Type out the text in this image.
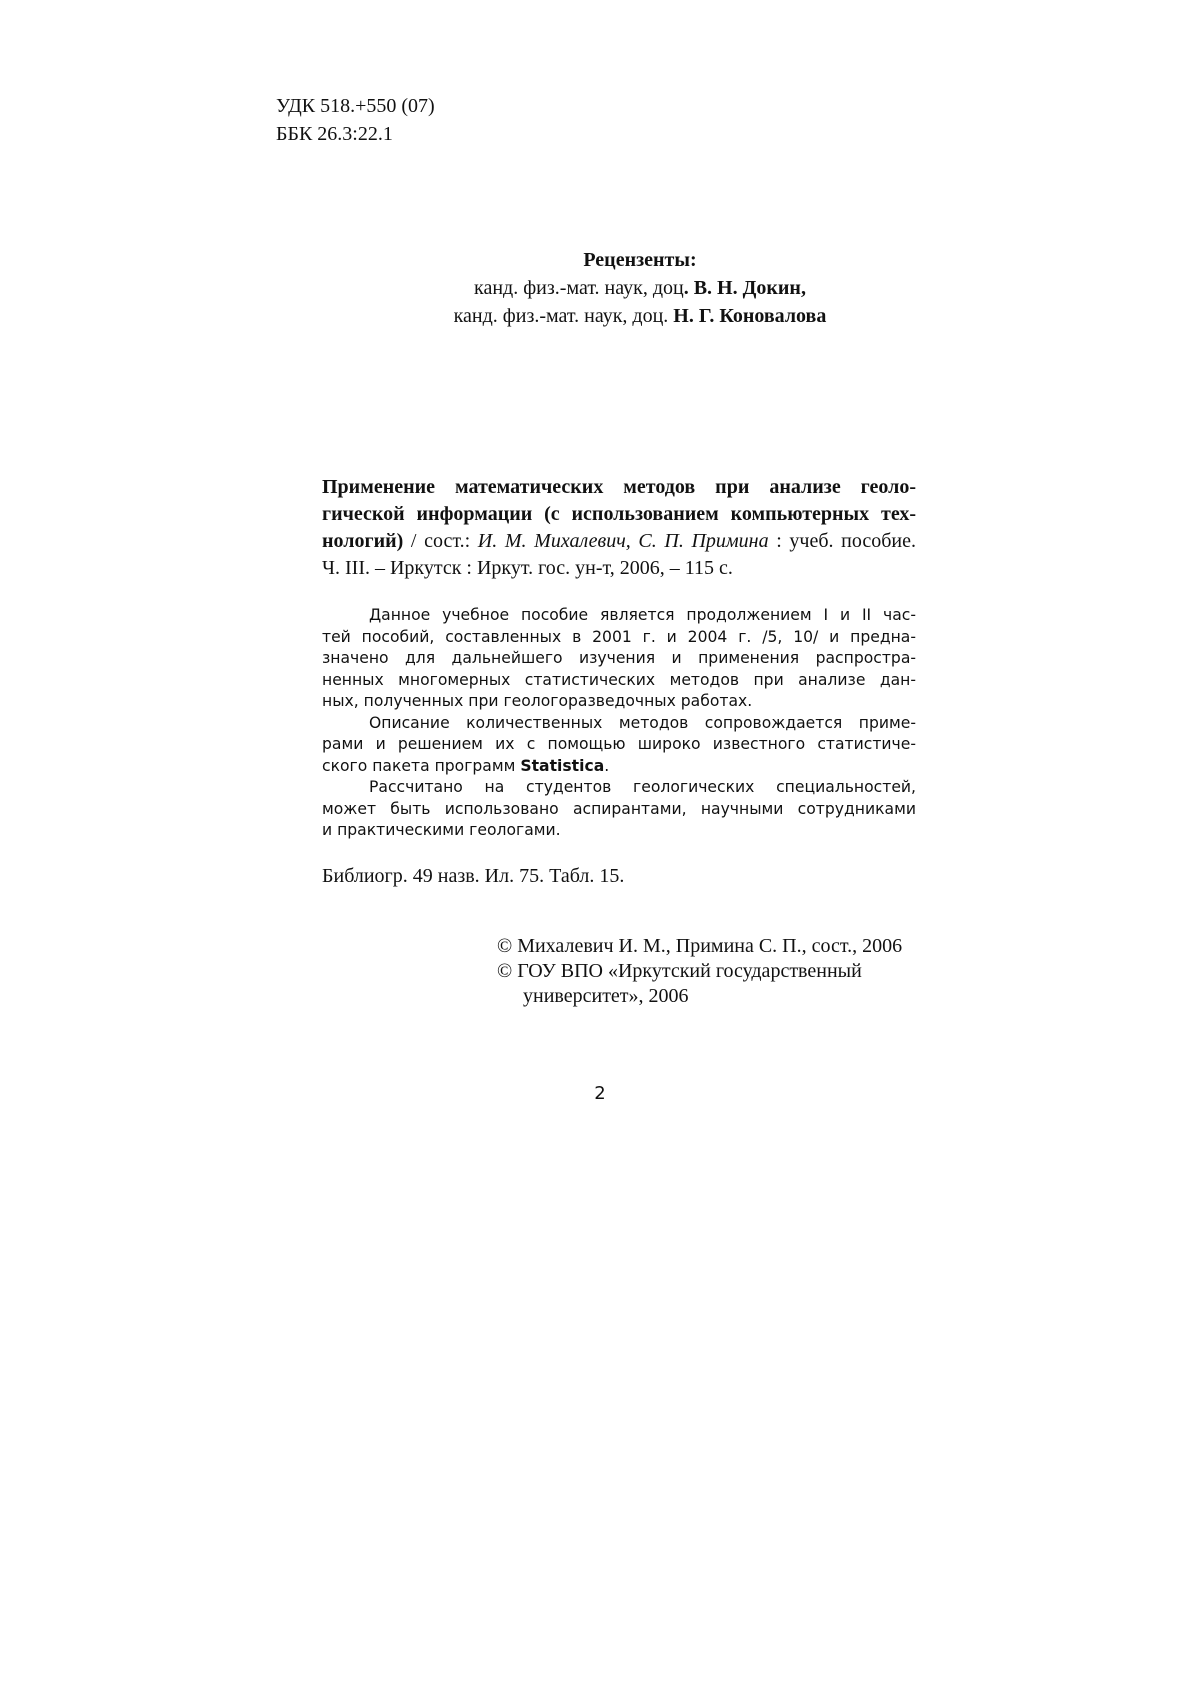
УДК 518.+550 (07)
ББК 26.3:22.1
Рецензенты:
канд. физ.-мат. наук, доц. В. Н. Докин,
канд. физ.-мат. наук, доц. Н. Г. Коновалова
Применение математических методов при анализе геоло-
гической информации (с использованием компьютерных тех-
нологий) / сост.: И. М. Михалевич, С. П. Примина : учеб. пособие.
Ч. III. – Иркутск : Иркут. гос. ун-т, 2006, – 115 с.
Данное учебное пособие является продолжением I и II час-
тей пособий, составленных в 2001 г. и 2004 г. /5, 10/ и предна-
значено для дальнейшего изучения и применения распростра-
ненных многомерных статистических методов при анализе дан-
ных, полученных при геологоразведочных работах.
Описание количественных методов сопровождается приме-
рами и решением их с помощью широко известного статистиче-
ского пакета программ Statistica.
Рассчитано на студентов геологических специальностей,
может быть использовано аспирантами, научными сотрудниками
и практическими геологами.
Библиогр. 49 назв. Ил. 75. Табл. 15.
© Михалевич И. М., Примина С. П., сост., 2006
© ГОУ ВПО «Иркутский государственный
университет», 2006
2
